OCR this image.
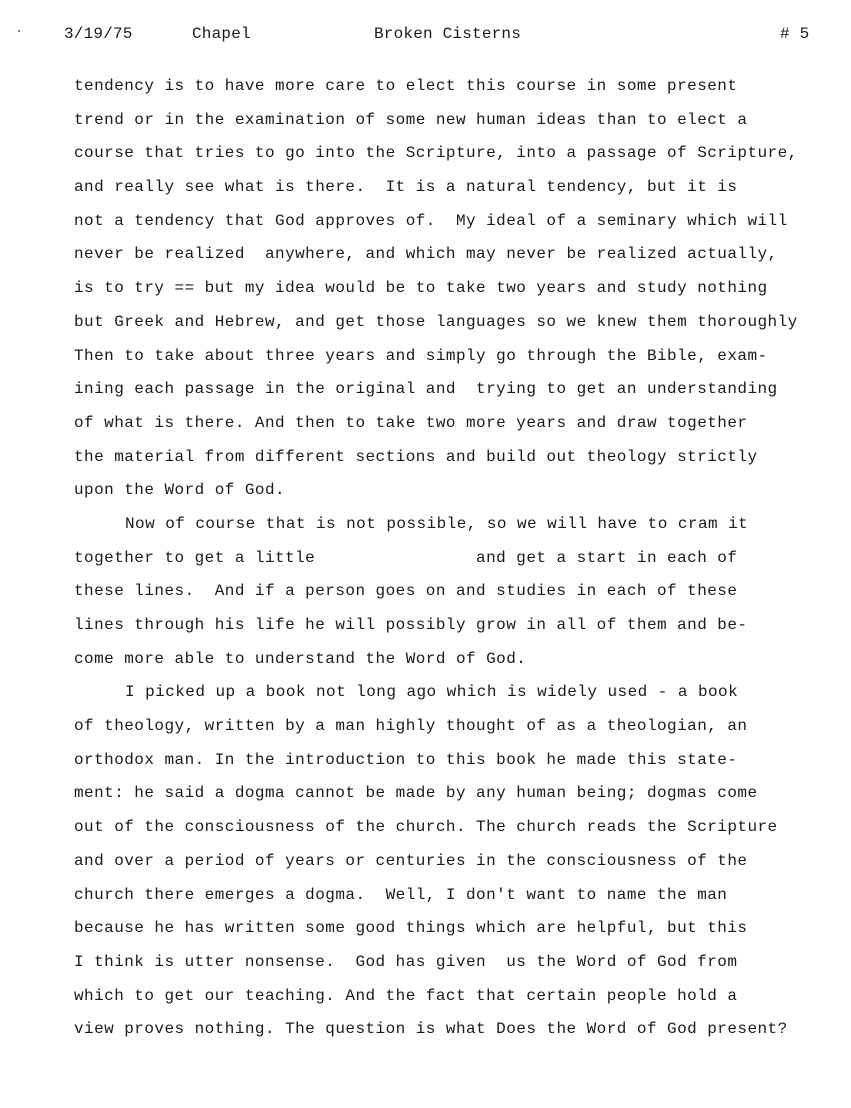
3/19/75	Chapel	Broken Cisterns	# 5
tendency is to have more care to elect this course in some present
trend or in the examination of some new human ideas than to elect a
course that tries to go into the Scripture, into a passage of Scripture,
and really see what is there.  It is a natural tendency, but it is
not a tendency that God approves of.  My ideal of a seminary which will
never be realized  anywhere, and which may never be realized actually,
is to try == but my idea would be to take two years and study nothing
but Greek and Hebrew, and get those languages so we knew them thoroughly
Then to take about three years and simply go through the Bible, exam-
ining each passage in the original and  trying to get an understanding
of what is there. And then to take two more years and draw together
the material from different sections and build out theology strictly
upon the Word of God.
Now of course that is not possible, so we will have to cram it
together to get a little                and get a start in each of
these lines.  And if a person goes on and studies in each of these
lines through his life he will possibly grow in all of them and be-
come more able to understand the Word of God.
I picked up a book not long ago which is widely used - a book
of theology, written by a man highly thought of as a theologian, an
orthodox man. In the introduction to this book he made this state-
ment: he said a dogma cannot be made by any human being; dogmas come
out of the consciousness of the church. The church reads the Scripture
and over a period of years or centuries in the consciousness of the
church there emerges a dogma.  Well, I don't want to name the man
because he has written some good things which are helpful, but this
I think is utter nonsense.  God has given  us the Word of God from
which to get our teaching. And the fact that certain people hold a
view proves nothing. The question is what Does the Word of God present?
